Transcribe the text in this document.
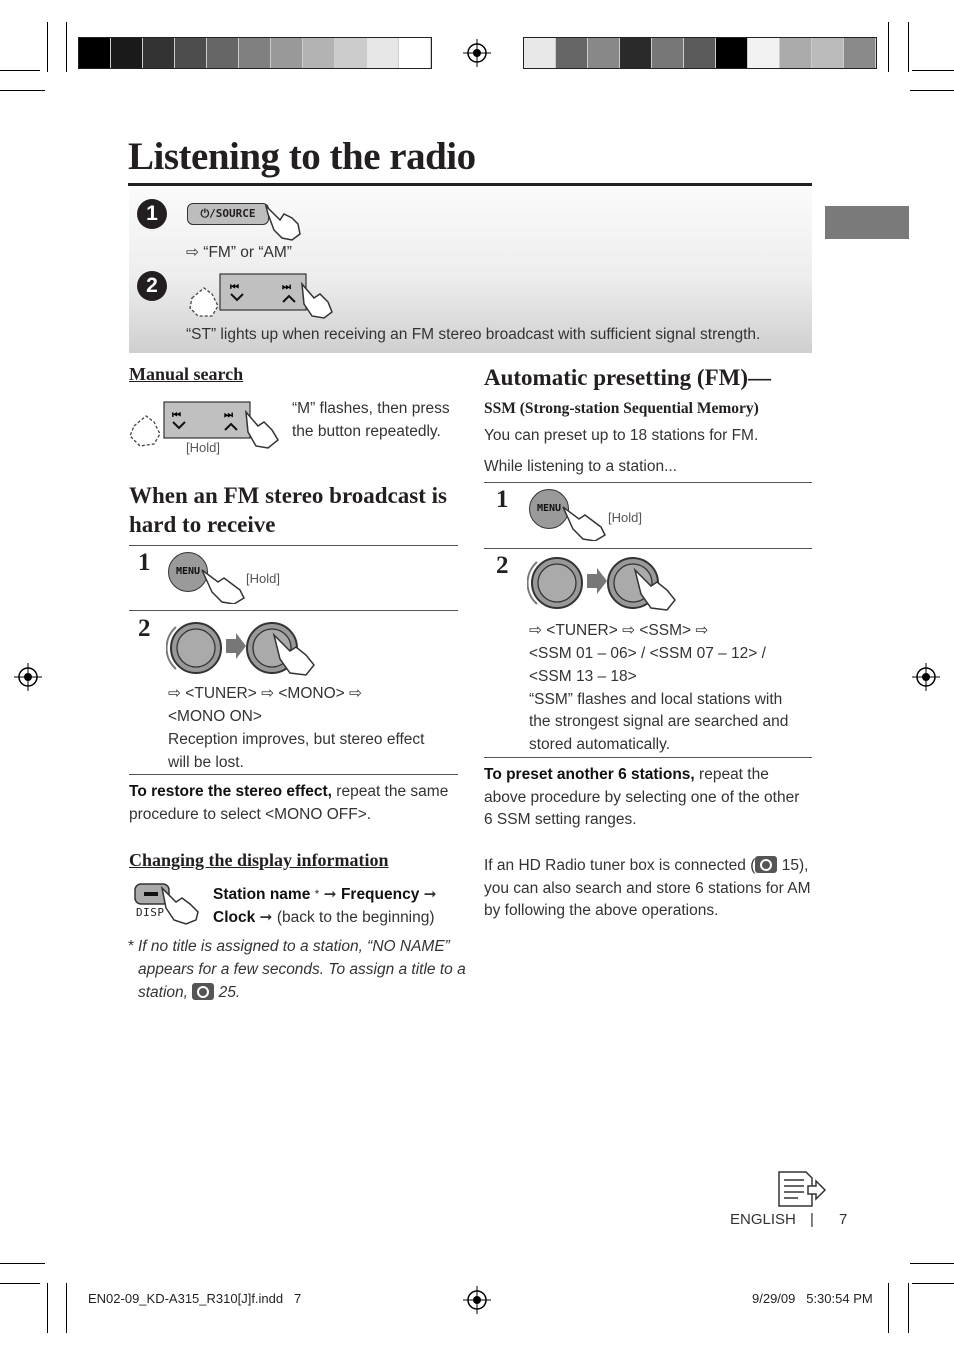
Listening to the radio
1	⏻/SOURCE
⇨ “FM” or “AM”
2	⏮	⏭
“ST” lights up when receiving an FM stereo broadcast with sufficient signal strength.
Manual search
⏮	⏭
[Hold]
“M” flashes, then press the button repeatedly.
When an FM stereo broadcast is hard to receive
1	MENU	[Hold]
2
⇨ <TUNER> ⇨ <MONO> ⇨
<MONO ON>
Reception improves, but stereo effect
will be lost.
To restore the stereo effect, repeat the same
procedure to select <MONO OFF>.
Changing the display information
DISP
Station name * ➞ Frequency ➞
Clock ➞ (back to the beginning)
* If no title is assigned to a station, “NO NAME”
appears for a few seconds. To assign a title to a
station, 25.
Automatic presetting (FM)—
SSM (Strong-station Sequential Memory)
You can preset up to 18 stations for FM.
While listening to a station...
1	MENU
[Hold]
2
⇨ <TUNER> ⇨ <SSM> ⇨
<SSM 01 – 06> / <SSM 07 – 12> /
<SSM 13 – 18>
“SSM” flashes and local stations with
the strongest signal are searched and
stored automatically.
To preset another 6 stations, repeat the
above procedure by selecting one of the other
6 SSM setting ranges.
If an HD Radio tuner box is connected ( 15),
you can also search and store 6 stations for AM
by following the above operations.
ENGLISH | 7
EN02-09_KD-A315_R310[J]f.indd   7	9/29/09   5:30:54 PM
